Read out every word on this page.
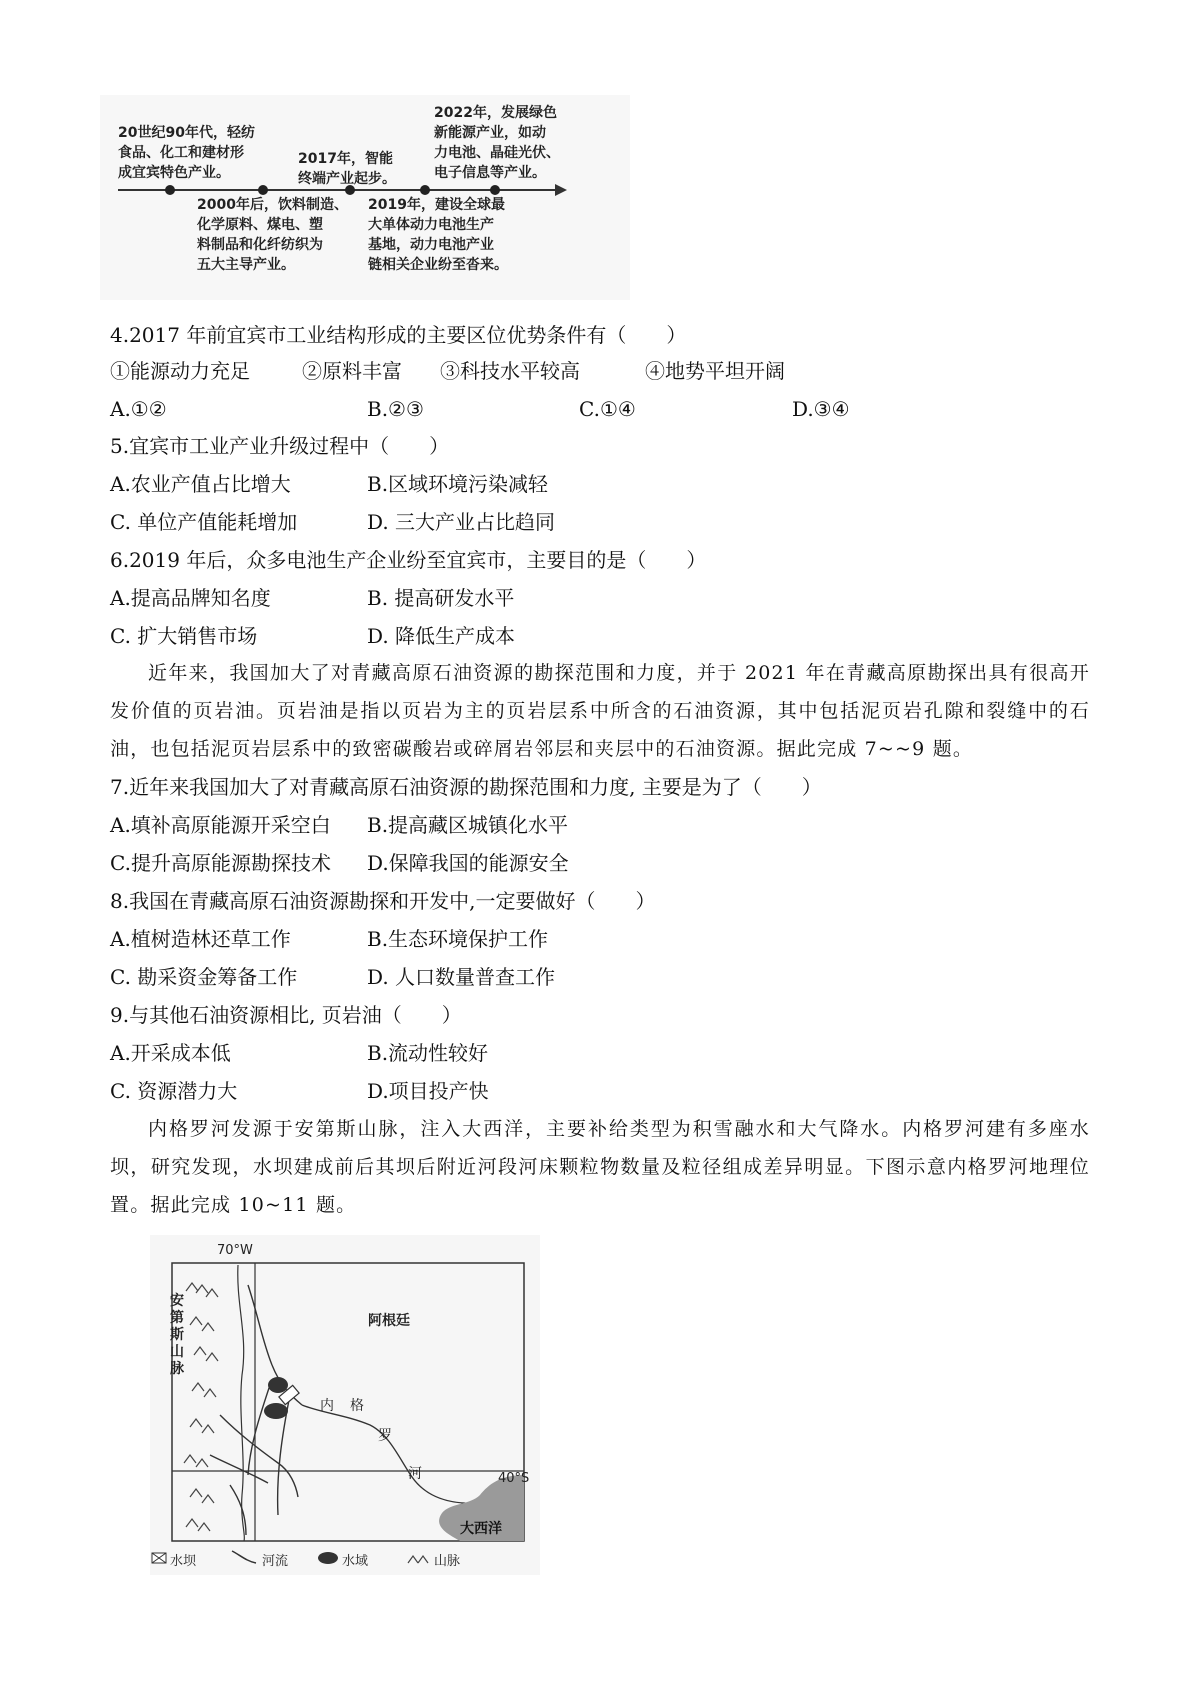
20世纪90年代，轻纺
食品、化工和建材形
成宜宾特色产业。
2000年后，饮料制造、
化学原料、煤电、塑
料制品和化纤纺织为
五大主导产业。
2017年，智能
终端产业起步。
2019年，建设全球最
大单体动力电池生产
基地，动力电池产业
链相关企业纷至沓来。
2022年，发展绿色
新能源产业，如动
力电池、晶硅光伏、
电子信息等产业。
4.2017 年前宜宾市工业结构形成的主要区位优势条件有（　　）
①能源动力充足	②原料丰富 ③科技水平较高	④地势平坦开阔
A.①②	B.②③	C.①④	D.③④
5.宜宾市工业产业升级过程中（　　）
A.农业产值占比增大	B.区域环境污染减轻
C. 单位产值能耗增加	D. 三大产业占比趋同
6.2019 年后，众多电池生产企业纷至宜宾市，主要目的是（　　）
A.提高品牌知名度	B. 提高研发水平
C. 扩大销售市场	D. 降低生产成本
近年来，我国加大了对青藏高原石油资源的勘探范围和力度，并于 2021 年在青藏高原勘探出具有很高开发价值的页岩油。页岩油是指以页岩为主的页岩层系中所含的石油资源，其中包括泥页岩孔隙和裂缝中的石油，也包括泥页岩层系中的致密碳酸岩或碎屑岩邻层和夹层中的石油资源。据此完成 7~~9 题。
7.近年来我国加大了对青藏高原石油资源的勘探范围和力度, 主要是为了（　　）
A.填补高原能源开采空白 B.提高藏区城镇化水平
C.提升高原能源勘探技术 D.保障我国的能源安全
8.我国在青藏高原石油资源勘探和开发中,一定要做好（　　）
A.植树造林还草工作	B.生态环境保护工作
C. 勘采资金筹备工作	D. 人口数量普查工作
9.与其他石油资源相比, 页岩油（　　）
A.开采成本低	B.流动性较好
C. 资源潜力大	D.项目投产快
内格罗河发源于安第斯山脉，注入大西洋，主要补给类型为积雪融水和大气降水。内格罗河建有多座水坝，研究发现，水坝建成前后其坝后附近河段河床颗粒物数量及粒径组成差异明显。下图示意内格罗河地理位置。据此完成 10~11 题。
70°W
40°S
阿根廷
内 格
罗
河
安第斯山脉
大西洋
水坝	河流	水域	山脉
